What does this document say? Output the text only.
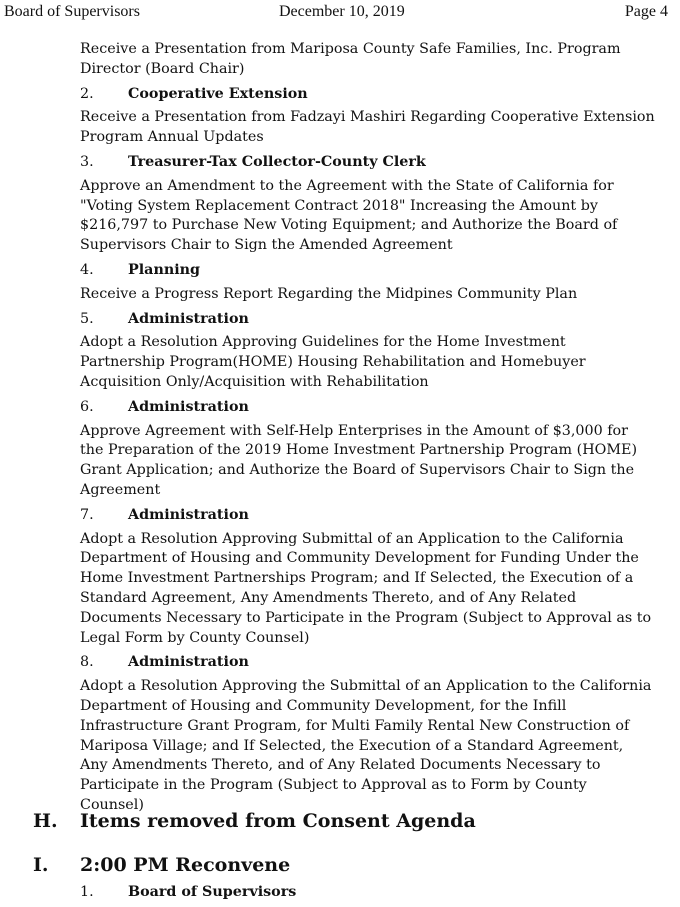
Board of Supervisors	December 10, 2019	Page 4

Receive a Presentation from Mariposa County Safe Families, Inc. Program Director (Board Chair)

2.	Cooperative Extension

Receive a Presentation from Fadzayi Mashiri Regarding Cooperative Extension Program Annual Updates

3.	Treasurer-Tax Collector-County Clerk

Approve an Amendment to the Agreement with the State of California for "Voting System Replacement Contract 2018" Increasing the Amount by $216,797 to Purchase New Voting Equipment; and Authorize the Board of Supervisors Chair to Sign the Amended Agreement

4.	Planning

Receive a Progress Report Regarding the Midpines Community Plan

5.	Administration

Adopt a Resolution Approving Guidelines for the Home Investment Partnership Program(HOME) Housing Rehabilitation and Homebuyer Acquisition Only/Acquisition with Rehabilitation

6.	Administration

Approve Agreement with Self-Help Enterprises in the Amount of $3,000 for the Preparation of the 2019 Home Investment Partnership Program (HOME) Grant Application; and Authorize the Board of Supervisors Chair to Sign the Agreement

7.	Administration

Adopt a Resolution Approving Submittal of an Application to the California Department of Housing and Community Development for Funding Under the Home Investment Partnerships Program; and If Selected, the Execution of a Standard Agreement, Any Amendments Thereto, and of Any Related Documents Necessary to Participate in the Program (Subject to Approval as to Legal Form by County Counsel)

8.	Administration

Adopt a Resolution Approving the Submittal of an Application to the California Department of Housing and Community Development, for the Infill Infrastructure Grant Program, for Multi Family Rental New Construction of Mariposa Village; and If Selected, the Execution of a Standard Agreement, Any Amendments Thereto, and of Any Related Documents Necessary to Participate in the Program (Subject to Approval as to Form by County Counsel)

H.	Items removed from Consent Agenda
I.	2:00 PM Reconvene
1.	Board of Supervisors
